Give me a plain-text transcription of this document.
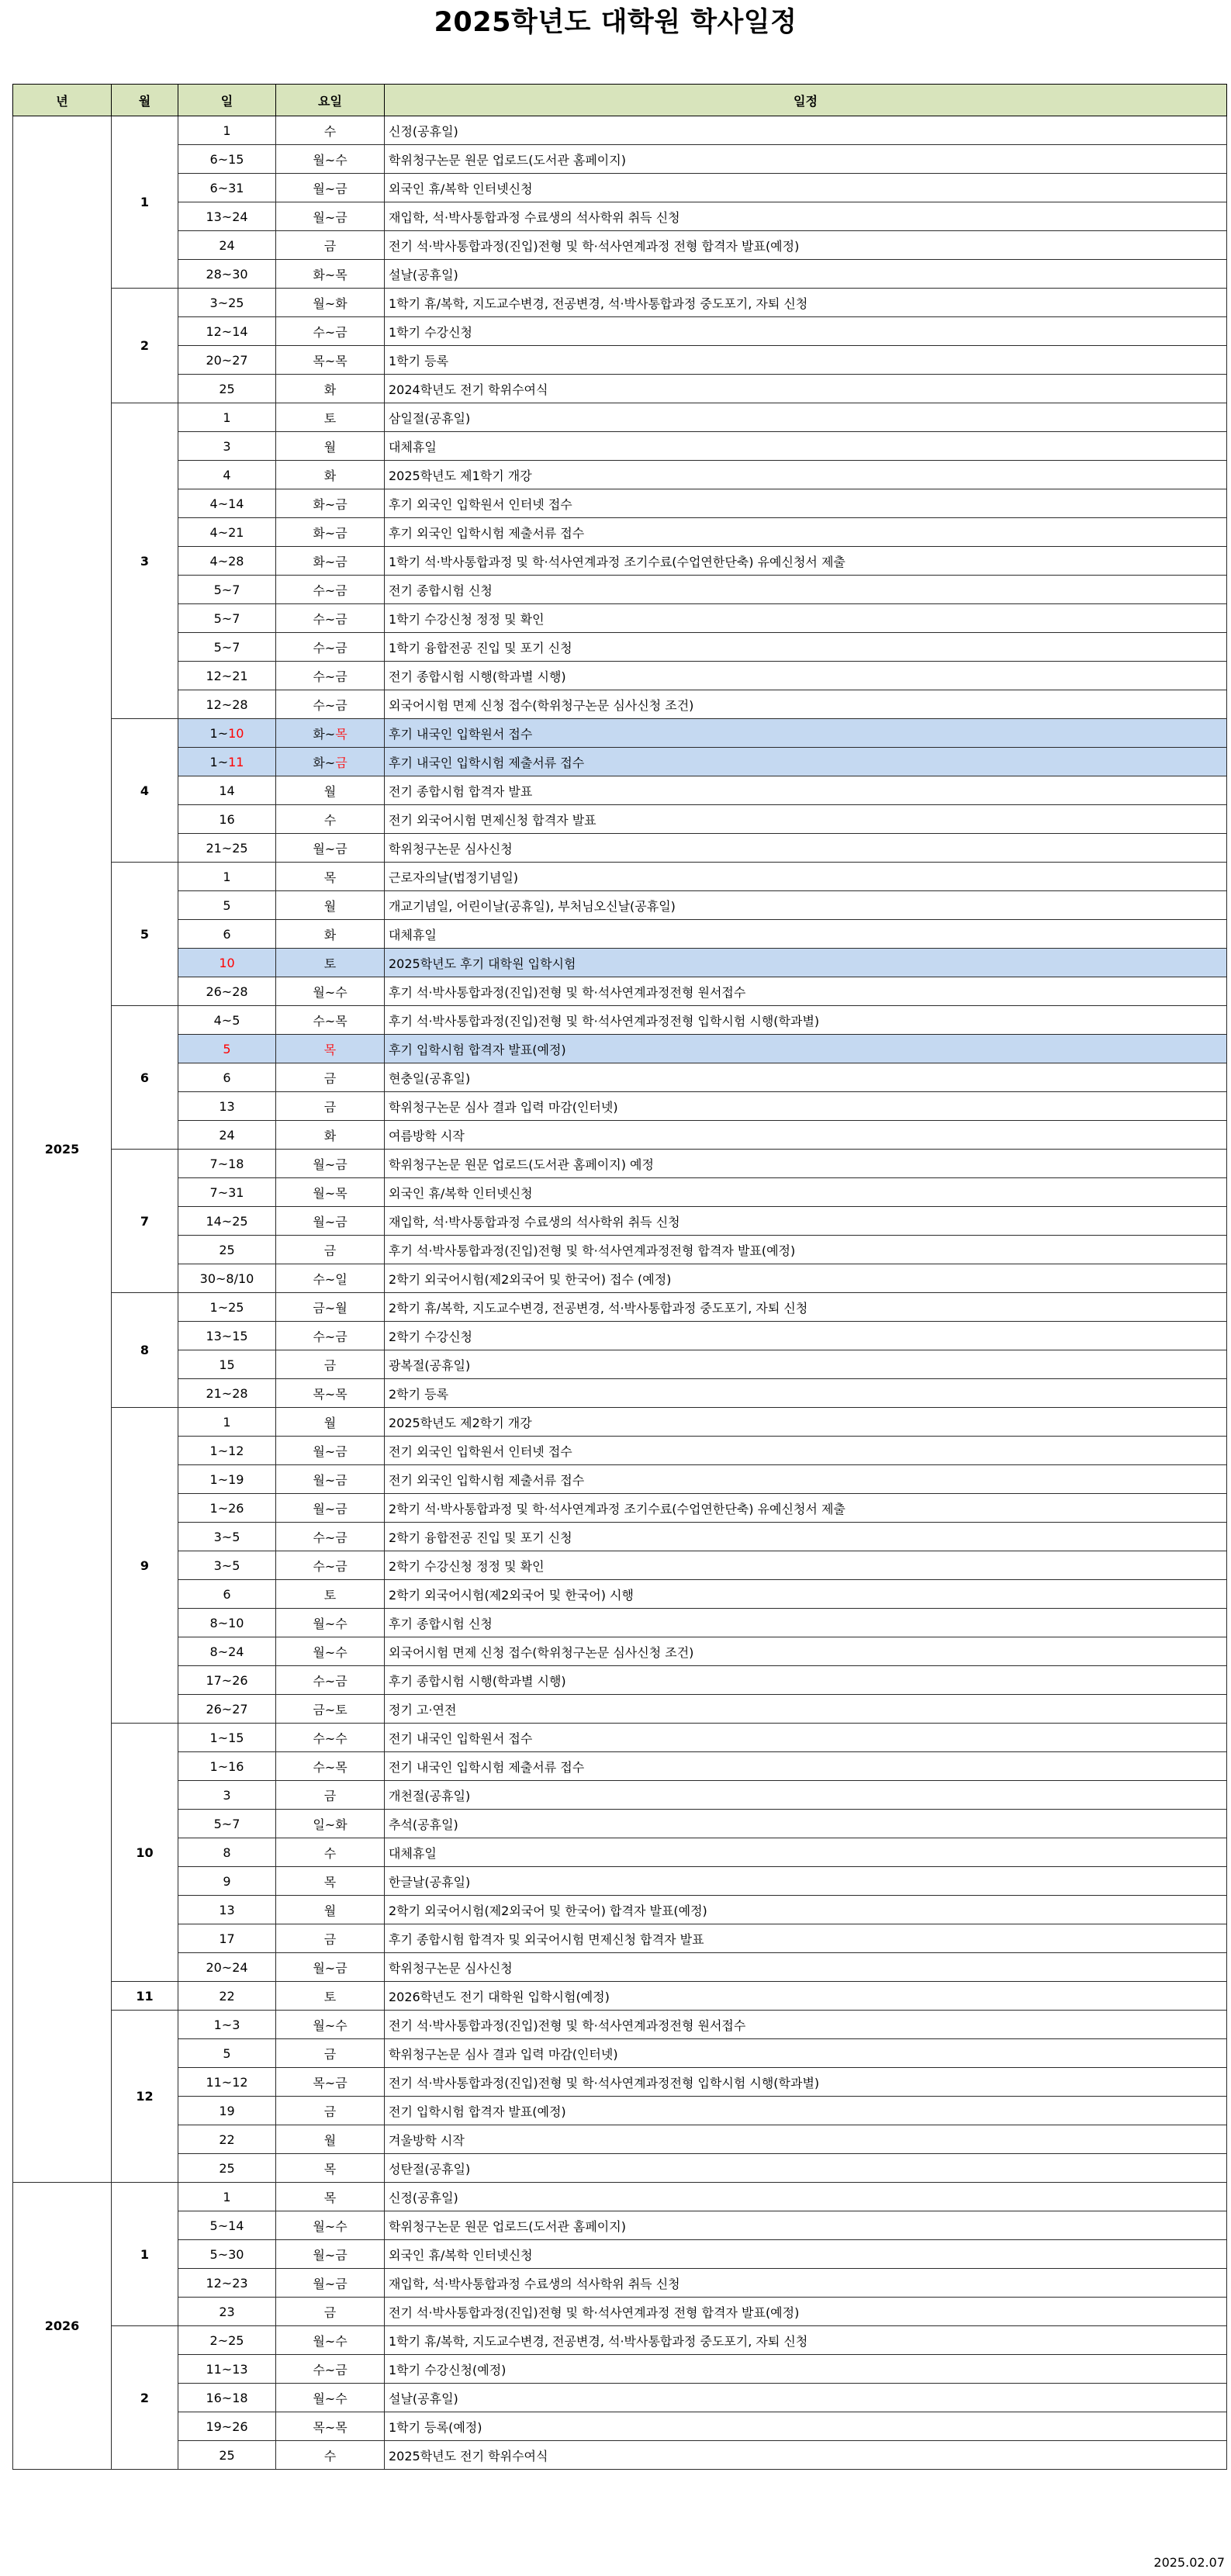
2025학년도 대학원 학사일정
년	월	일	요일	일정
2025	1	1	수	신정(공휴일)
		6~15	월~수	학위청구논문 원문 업로드(도서관 홈페이지)
		6~31	월~금	외국인 휴/복학 인터넷신청
		13~24	월~금	재입학, 석·박사통합과정 수료생의 석사학위 취득 신청
		24	금	전기 석·박사통합과정(진입)전형 및 학·석사연계과정 전형 합격자 발표(예정)
		28~30	화~목	설날(공휴일)
	2	3~25	월~화	1학기 휴/복학, 지도교수변경, 전공변경, 석·박사통합과정 중도포기, 자퇴 신청
		12~14	수~금	1학기 수강신청
		20~27	목~목	1학기 등록
		25	화	2024학년도 전기 학위수여식
	3	1	토	삼일절(공휴일)
		3	월	대체휴일
		4	화	2025학년도 제1학기 개강
		4~14	화~금	후기 외국인 입학원서 인터넷 접수
		4~21	화~금	후기 외국인 입학시험 제출서류 접수
		4~28	화~금	1학기 석·박사통합과정 및 학·석사연계과정 조기수료(수업연한단축) 유예신청서 제출
		5~7	수~금	전기 종합시험 신청
		5~7	수~금	1학기 수강신청 정정 및 확인
		5~7	수~금	1학기 융합전공 진입 및 포기 신청
		12~21	수~금	전기 종합시험 시행(학과별 시행)
		12~28	수~금	외국어시험 면제 신청 접수(학위청구논문 심사신청 조건)
	4	1~10	화~목	후기 내국인 입학원서 접수
		1~11	화~금	후기 내국인 입학시험 제출서류 접수
		14	월	전기 종합시험 합격자 발표
		16	수	전기 외국어시험 면제신청 합격자 발표
		21~25	월~금	학위청구논문 심사신청
	5	1	목	근로자의날(법정기념일)
		5	월	개교기념일, 어린이날(공휴일), 부처님오신날(공휴일)
		6	화	대체휴일
		10	토	2025학년도 후기 대학원 입학시험
		26~28	월~수	후기 석·박사통합과정(진입)전형 및 학·석사연계과정전형 원서접수
	6	4~5	수~목	후기 석·박사통합과정(진입)전형 및 학·석사연계과정전형 입학시험 시행(학과별)
		5	목	후기 입학시험 합격자 발표(예정)
		6	금	현충일(공휴일)
		13	금	학위청구논문 심사 결과 입력 마감(인터넷)
		24	화	여름방학 시작
	7	7~18	월~금	학위청구논문 원문 업로드(도서관 홈페이지) 예정
		7~31	월~목	외국인 휴/복학 인터넷신청
		14~25	월~금	재입학, 석·박사통합과정 수료생의 석사학위 취득 신청
		25	금	후기 석·박사통합과정(진입)전형 및 학·석사연계과정전형 합격자 발표(예정)
		30~8/10	수~일	2학기 외국어시험(제2외국어 및 한국어) 접수 (예정)
	8	1~25	금~월	2학기 휴/복학, 지도교수변경, 전공변경, 석·박사통합과정 중도포기, 자퇴 신청
		13~15	수~금	2학기 수강신청
		15	금	광복절(공휴일)
		21~28	목~목	2학기 등록
	9	1	월	2025학년도 제2학기 개강
		1~12	월~금	전기 외국인 입학원서 인터넷 접수
		1~19	월~금	전기 외국인 입학시험 제출서류 접수
		1~26	월~금	2학기 석·박사통합과정 및 학·석사연계과정 조기수료(수업연한단축) 유예신청서 제출
		3~5	수~금	2학기 융합전공 진입 및 포기 신청
		3~5	수~금	2학기 수강신청 정정 및 확인
		6	토	2학기 외국어시험(제2외국어 및 한국어) 시행
		8~10	월~수	후기 종합시험 신청
		8~24	월~수	외국어시험 면제 신청 접수(학위청구논문 심사신청 조건)
		17~26	수~금	후기 종합시험 시행(학과별 시행)
		26~27	금~토	정기 고·연전
	10	1~15	수~수	전기 내국인 입학원서 접수
		1~16	수~목	전기 내국인 입학시험 제출서류 접수
		3	금	개천절(공휴일)
		5~7	일~화	추석(공휴일)
		8	수	대체휴일
		9	목	한글날(공휴일)
		13	월	2학기 외국어시험(제2외국어 및 한국어) 합격자 발표(예정)
		17	금	후기 종합시험 합격자 및 외국어시험 면제신청 합격자 발표
		20~24	월~금	학위청구논문 심사신청
	11	22	토	2026학년도 전기 대학원 입학시험(예정)
	12	1~3	월~수	전기 석·박사통합과정(진입)전형 및 학·석사연계과정전형 원서접수
		5	금	학위청구논문 심사 결과 입력 마감(인터넷)
		11~12	목~금	전기 석·박사통합과정(진입)전형 및 학·석사연계과정전형 입학시험 시행(학과별)
		19	금	전기 입학시험 합격자 발표(예정)
		22	월	겨울방학 시작
		25	목	성탄절(공휴일)
2026	1	1	목	신정(공휴일)
		5~14	월~수	학위청구논문 원문 업로드(도서관 홈페이지)
		5~30	월~금	외국인 휴/복학 인터넷신청
		12~23	월~금	재입학, 석·박사통합과정 수료생의 석사학위 취득 신청
		23	금	전기 석·박사통합과정(진입)전형 및 학·석사연계과정 전형 합격자 발표(예정)
	2	2~25	월~수	1학기 휴/복학, 지도교수변경, 전공변경, 석·박사통합과정 중도포기, 자퇴 신청
		11~13	수~금	1학기 수강신청(예정)
		16~18	월~수	설날(공휴일)
		19~26	목~목	1학기 등록(예정)
		25	수	2025학년도 전기 학위수여식
2025.02.07
